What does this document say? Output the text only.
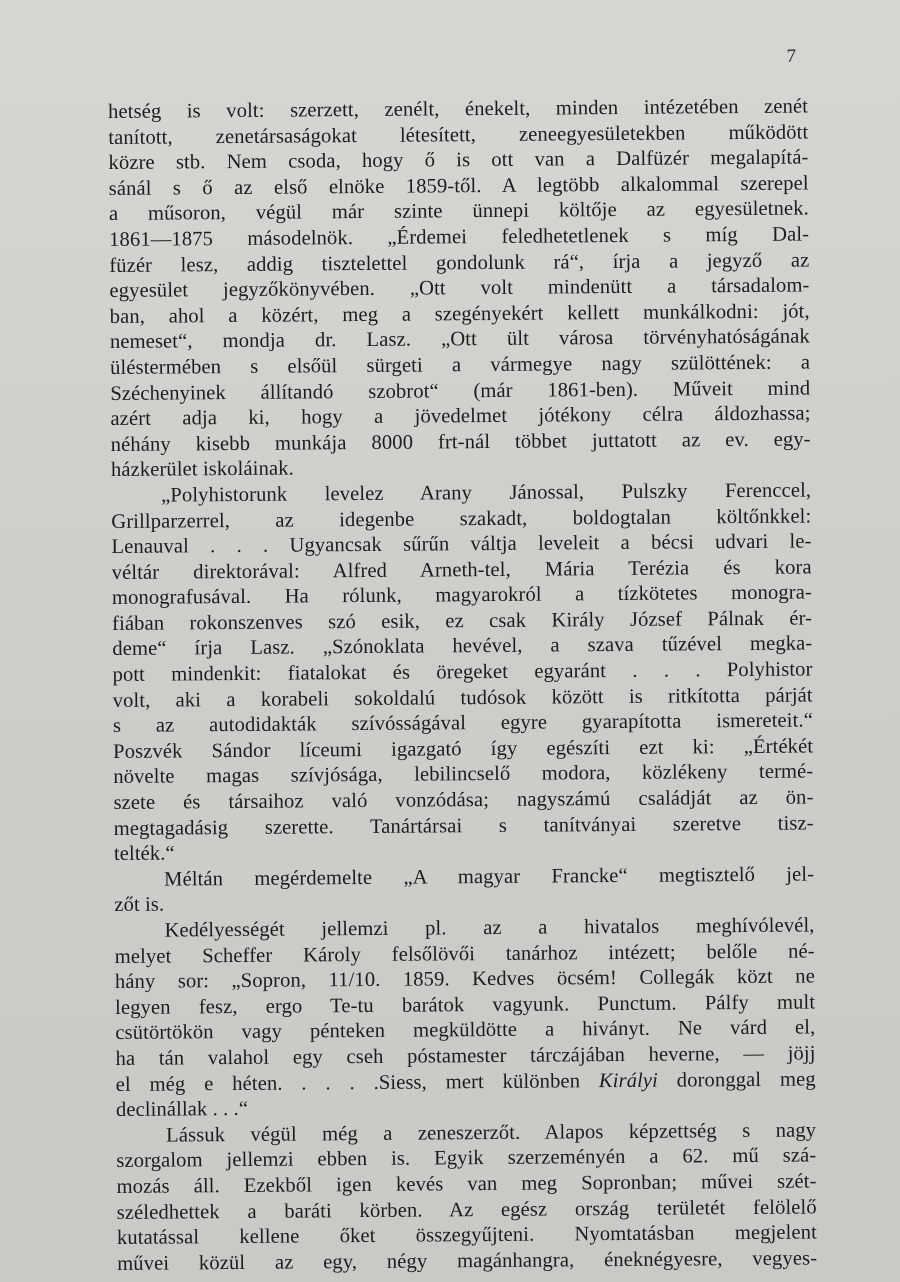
7
hetség is volt: szerzett, zenélt, énekelt, minden intézetében zenét
tanított, zenetársaságokat létesített, zeneegyesületekben működött
közre stb. Nem csoda, hogy ő is ott van a Dalfüzér megalapítá-
sánál s ő az első elnöke 1859-től. A legtöbb alkalommal szerepel
a műsoron, végül már szinte ünnepi költője az egyesületnek.
1861—1875 másodelnök. „Érdemei feledhetetlenek s míg Dal-
füzér lesz, addig tisztelettel gondolunk rá“, írja a jegyző az
egyesület jegyzőkönyvében. „Ott volt mindenütt a társadalom-
ban, ahol a közért, meg a szegényekért kellett munkálkodni: jót,
nemeset“, mondja dr. Lasz. „Ott ült városa törvényhatóságának
üléstermében s elsőül sürgeti a vármegye nagy szülöttének: a
Széchenyinek állítandó szobrot“ (már 1861-ben). Műveit mind
azért adja ki, hogy a jövedelmet jótékony célra áldozhassa;
néhány kisebb munkája 8000 frt-nál többet juttatott az ev. egy-
házkerület iskoláinak.
„Polyhistorunk levelez Arany Jánossal, Pulszky Ferenccel,
Grillparzerrel, az idegenbe szakadt, boldogtalan költőnkkel:
Lenauval . . . Ugyancsak sűrűn váltja leveleit a bécsi udvari le-
véltár direktorával: Alfred Arneth-tel, Mária Terézia és kora
monografusával. Ha rólunk, magyarokról a tízkötetes monogra-
fiában rokonszenves szó esik, ez csak Király József Pálnak ér-
deme“ írja Lasz. „Szónoklata hevével, a szava tűzével megka-
pott mindenkit: fiatalokat és öregeket egyaránt . . . Polyhistor
volt, aki a korabeli sokoldalú tudósok között is ritkította párját
s az autodidakták szívósságával egyre gyarapította ismereteit.“
Poszvék Sándor líceumi igazgató így egészíti ezt ki: „Értékét
növelte magas szívjósága, lebilincselő modora, közlékeny termé-
szete és társaihoz való vonzódása; nagyszámú családját az ön-
megtagadásig szerette. Tanártársai s tanítványai szeretve tisz-
telték.“
Méltán megérdemelte „A magyar Francke“ megtisztelő jel-
zőt is.
Kedélyességét jellemzi pl. az a hivatalos meghívólevél,
melyet Scheffer Károly felsőlövői tanárhoz intézett; belőle né-
hány sor: „Sopron, 11/10. 1859. Kedves öcsém! Collegák közt ne
legyen fesz, ergo Te-tu barátok vagyunk. Punctum. Pálfy mult
csütörtökön vagy pénteken megküldötte a hiványt. Ne várd el,
ha tán valahol egy cseh póstamester tárczájában heverne, — jöjj
el még e héten. . . . .Siess, mert különben Királyi doronggal meg
declinállak . . .“
Lássuk végül még a zeneszerzőt. Alapos képzettség s nagy
szorgalom jellemzi ebben is. Egyik szerzeményén a 62. mű szá-
mozás áll. Ezekből igen kevés van meg Sopronban; művei szét-
széledhettek a baráti körben. Az egész ország területét felölelő
kutatással kellene őket összegyűjteni. Nyomtatásban megjelent
művei közül az egy, négy magánhangra, éneknégyesre, vegyes-
